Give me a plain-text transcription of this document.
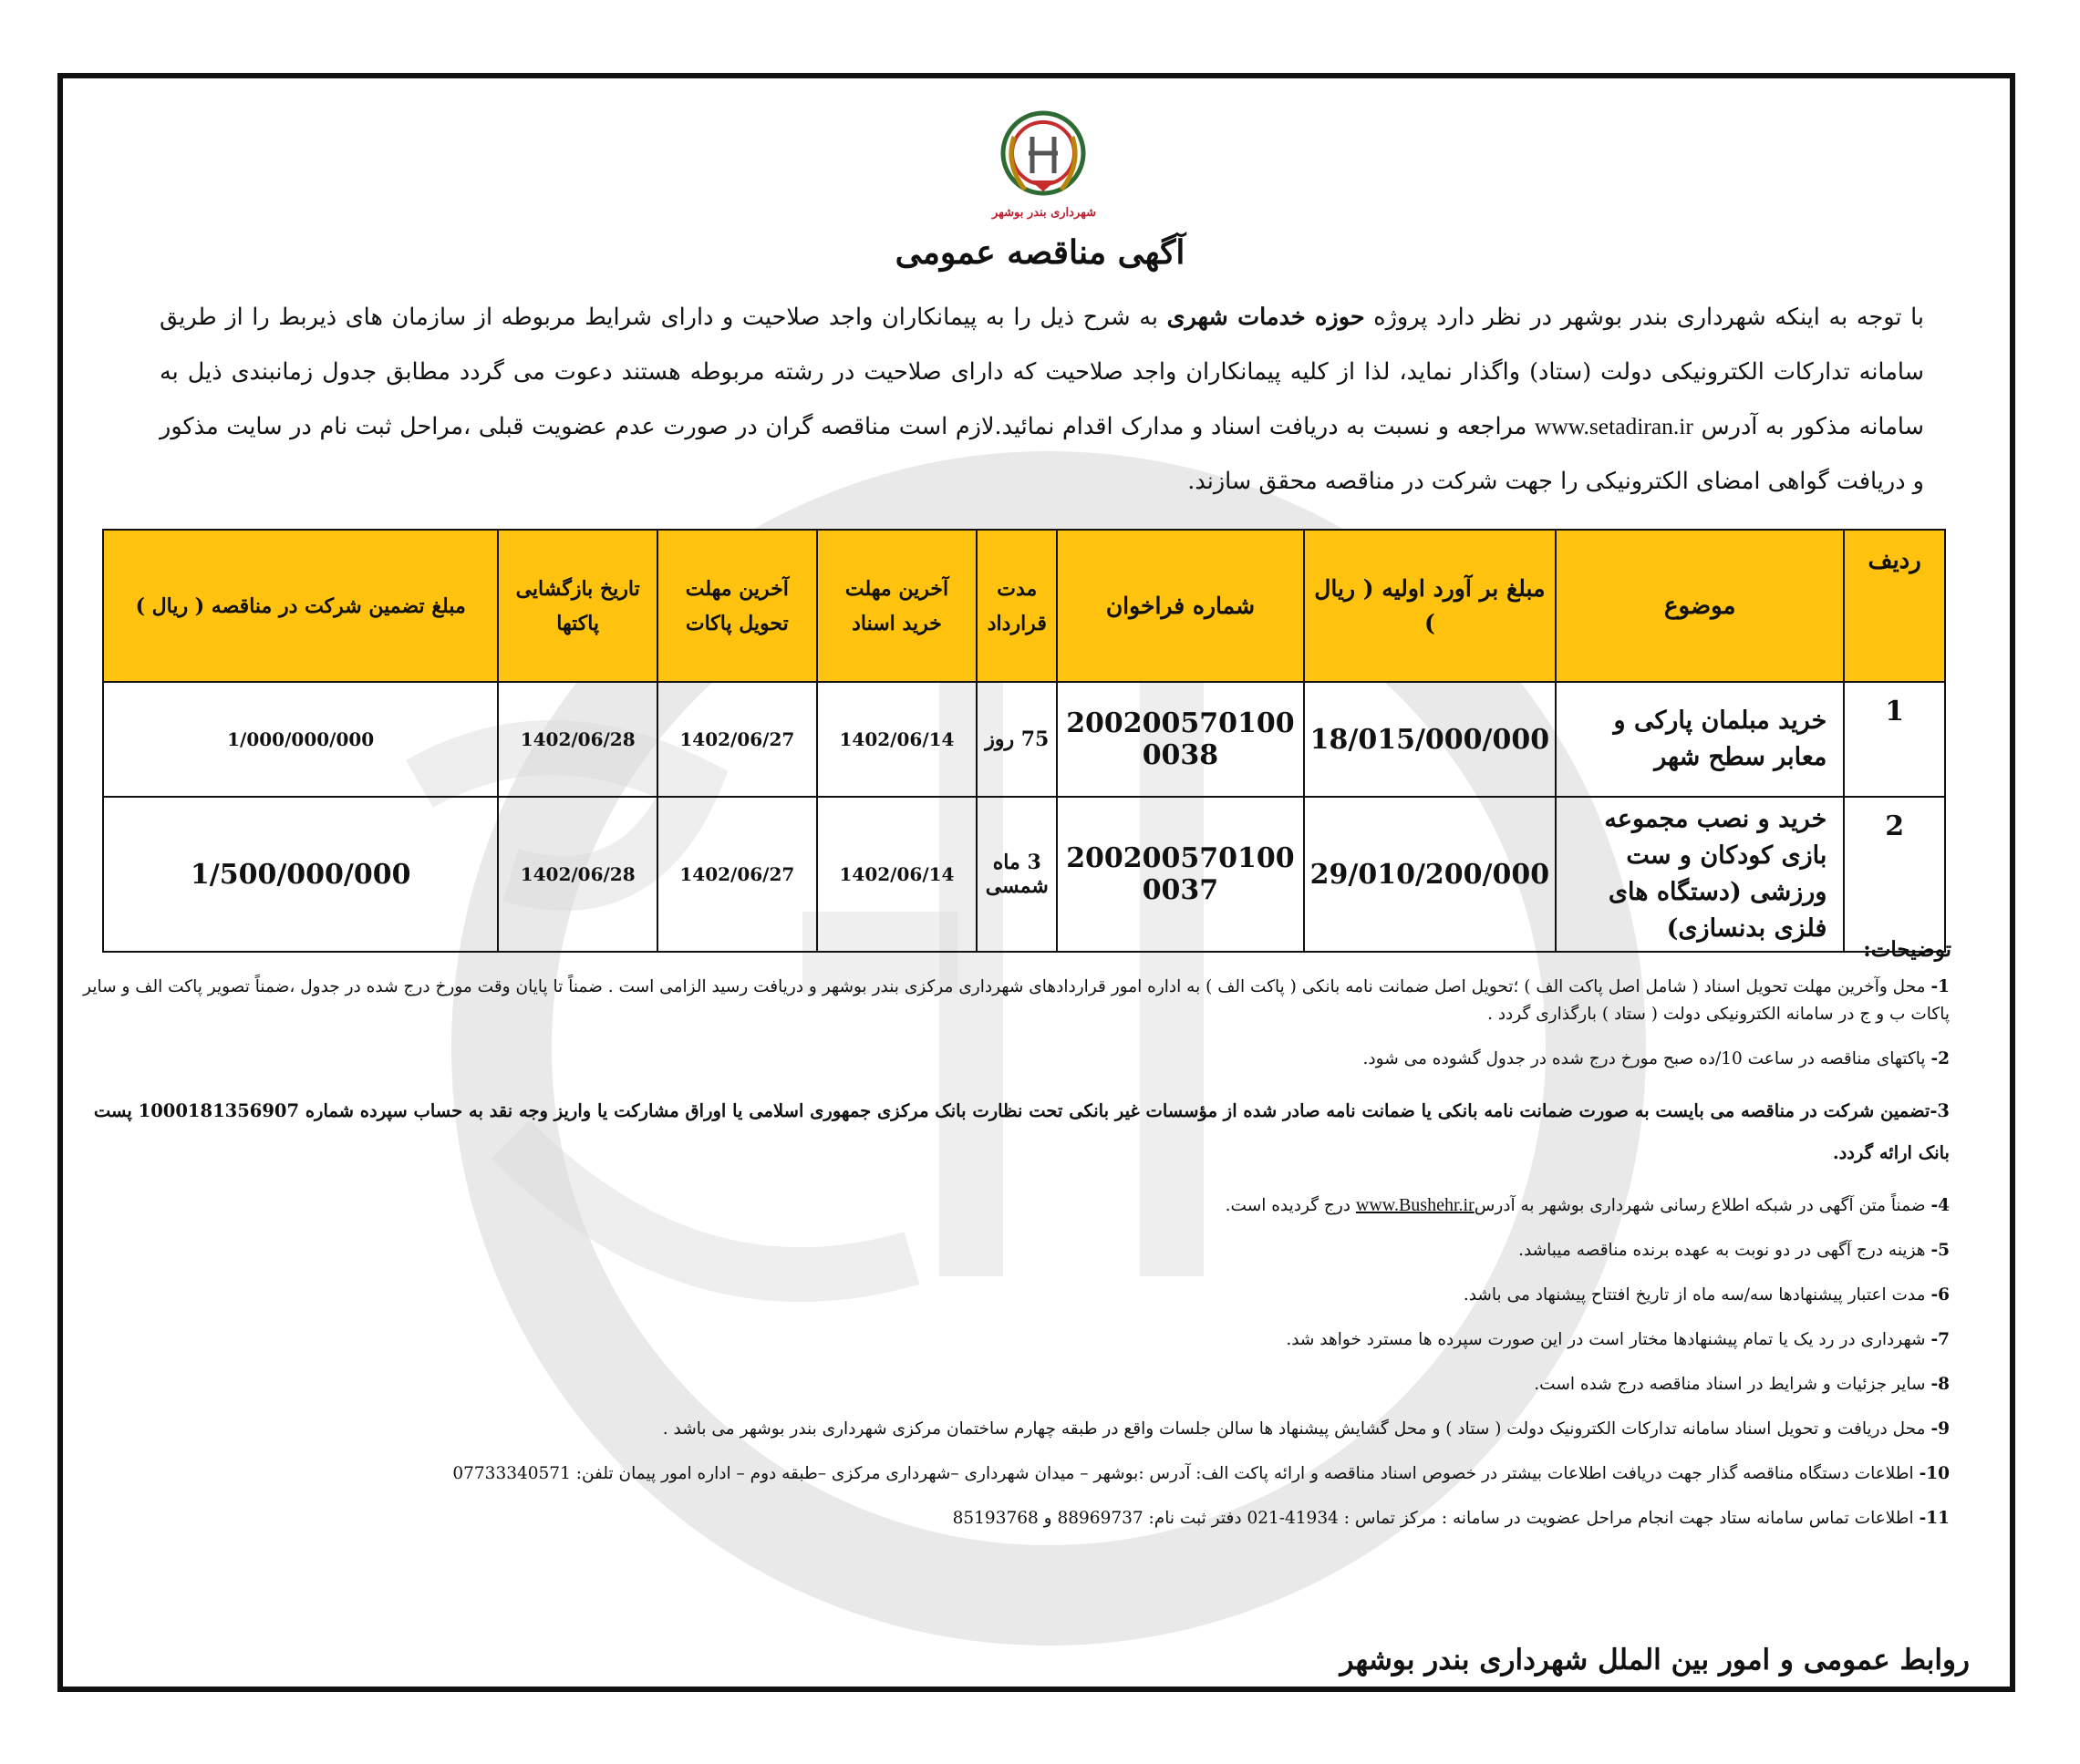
شهرداری بندر بوشهر
آگهی مناقصه عمومی

با توجه به اینکه شهرداری بندر بوشهر در نظر دارد پروژه حوزه خدمات شهری به شرح ذیل را به پیمانکاران واجد صلاحیت و دارای شرایط مربوطه از سازمان های ذیربط را از طریق سامانه تدارکات الکترونیکی دولت (ستاد) واگذار نماید، لذا از کلیه پیمانکاران واجد صلاحیت که دارای صلاحیت در رشته مربوطه هستند دعوت می گردد مطابق جدول زمانبندی ذیل به سامانه مذکور به آدرس www.setadiran.ir مراجعه و نسبت به دریافت اسناد و مدارک اقدام نمائید.لازم است مناقصه گران در صورت عدم عضویت قبلی ،مراحل ثبت نام در سایت مذکور و دریافت گواهی امضای الکترونیکی را جهت شرکت در مناقصه محقق سازند.

ردیف	موضوع	مبلغ بر آورد اولیه ( ریال )	شماره فراخوان	مدت قرارداد	آخرین مهلت خرید اسناد	آخرین مهلت تحویل پاکات	تاریخ بازگشایی پاکتها	مبلغ تضمین شرکت در مناقصه ( ریال )
1	خرید مبلمان پارکی و معابر سطح شهر	18/015/000/000	2002005701000038	75 روز	1402/06/14	1402/06/27	1402/06/28	1/000/000/000
2	خرید و نصب مجموعه بازی کودکان و ست ورزشی (دستگاه های فلزی بدنسازی)	29/010/200/000	2002005701000037	3 ماه شمسی	1402/06/14	1402/06/27	1402/06/28	1/500/000/000
توضیحات:

1- محل وآخرین مهلت تحویل اسناد ( شامل اصل پاکت الف ) ؛تحویل اصل ضمانت نامه بانکی ( پاکت الف ) به اداره امور قراردادهای شهرداری مرکزی بندر بوشهر و دریافت رسید الزامی است . ضمناً تا پایان وقت مورخ درج شده در جدول ،ضمناً تصویر پاکت الف و سایر پاکات ب و ج در سامانه الکترونیکی دولت ( ستاد ) بارگذاری گردد .

2- پاکتهای مناقصه در ساعت 10/ده صبح مورخ درج شده در جدول گشوده می شود.

3-تضمین شرکت در مناقصه می بایست به صورت ضمانت نامه بانکی یا ضمانت نامه صادر شده از مؤسسات غیر بانکی تحت نظارت بانک مرکزی جمهوری اسلامی یا اوراق مشارکت یا واریز وجه نقد به حساب سپرده شماره 1000181356907 پست بانک ارائه گردد.

4- ضمناً متن آگهی در شبکه اطلاع رسانی شهرداری بوشهر به آدرسwww.Bushehr.ir درج گردیده است.

5- هزینه درج آگهی در دو نوبت به عهده برنده مناقصه میباشد.

6- مدت اعتبار پیشنهادها سه/سه ماه از تاریخ افتتاح پیشنهاد می باشد.

7- شهرداری در رد یک یا تمام پیشنهادها مختار است در این صورت سپرده ها مسترد خواهد شد.

8- سایر جزئیات و شرایط در اسناد مناقصه درج شده است.

9- محل دریافت و تحویل اسناد سامانه تدارکات الکترونیک دولت ( ستاد ) و محل گشایش پیشنهاد ها سالن جلسات واقع در طبقه چهارم ساختمان مرکزی شهرداری بندر بوشهر می باشد .

10- اطلاعات دستگاه مناقصه گذار جهت دریافت اطلاعات بیشتر در خصوص اسناد مناقصه و ارائه پاکت الف: آدرس :بوشهر – میدان شهرداری –شهرداری مرکزی –طبقه دوم – اداره امور پیمان تلفن: 07733340571

11- اطلاعات تماس سامانه ستاد جهت انجام مراحل عضویت در سامانه : مرکز تماس : 41934-021 دفتر ثبت نام: 88969737 و 85193768

روابط عمومی و امور بین الملل شهرداری بندر بوشهر
